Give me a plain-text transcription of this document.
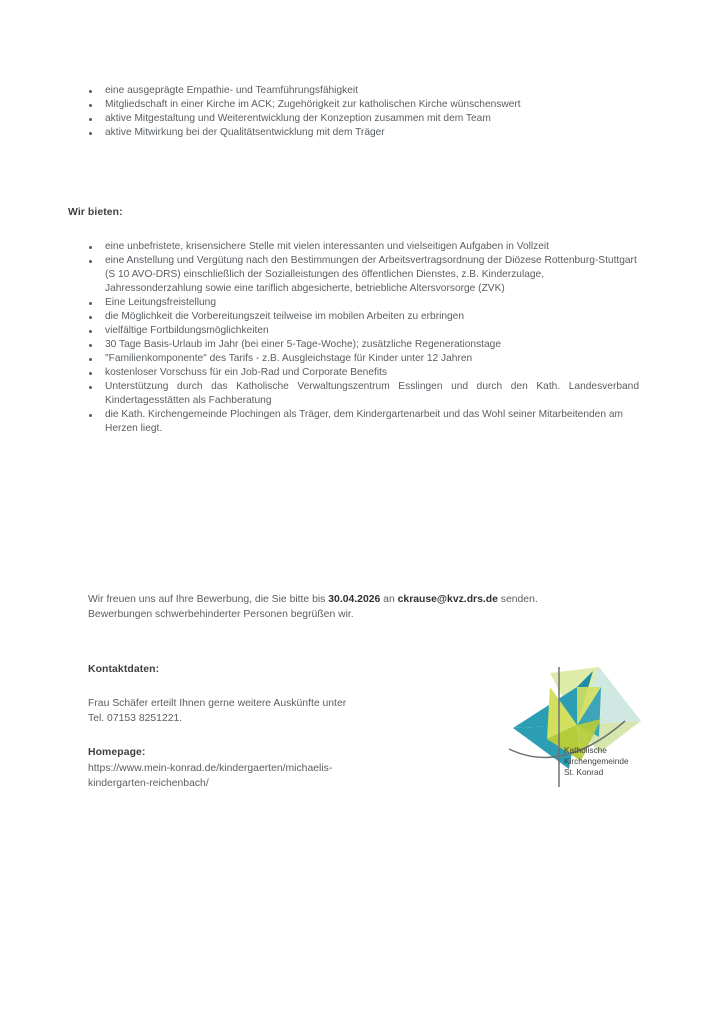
eine ausgeprägte Empathie- und Teamführungsfähigkeit
Mitgliedschaft in einer Kirche im ACK; Zugehörigkeit zur katholischen Kirche wünschenswert
aktive Mitgestaltung und Weiterentwicklung der Konzeption zusammen mit dem Team
aktive Mitwirkung bei der Qualitätsentwicklung mit dem Träger
Wir bieten:
eine unbefristete, krisensichere Stelle mit vielen interessanten und vielseitigen Aufgaben in Vollzeit
eine Anstellung und Vergütung nach den Bestimmungen der Arbeitsvertragsordnung der Diözese Rottenburg-Stuttgart (S 10 AVO-DRS) einschließlich der Sozialleistungen des öffentlichen Dienstes, z.B. Kinderzulage, Jahressonderzahlung sowie eine tariflich abgesicherte, betriebliche Altersvorsorge (ZVK)
Eine Leitungsfreistellung
die Möglichkeit die Vorbereitungszeit teilweise im mobilen Arbeiten zu erbringen
vielfältige Fortbildungsmöglichkeiten
30 Tage Basis-Urlaub im Jahr (bei einer 5-Tage-Woche); zusätzliche Regenerationstage
"Familienkomponente" des Tarifs - z.B. Ausgleichstage für Kinder unter 12 Jahren
kostenloser Vorschuss für ein Job-Rad und Corporate Benefits
Unterstützung durch das Katholische Verwaltungszentrum Esslingen und durch den Kath. Landesverband Kindertagesstätten als Fachberatung
die Kath. Kirchengemeinde Plochingen als Träger, dem Kindergartenarbeit und das Wohl seiner Mitarbeitenden am Herzen liegt.
Wir freuen uns auf Ihre Bewerbung, die Sie bitte bis 30.04.2026 an ckrause@kvz.drs.de senden. Bewerbungen schwerbehinderter Personen begrüßen wir.
Kontaktdaten:
Frau Schäfer erteilt Ihnen gerne weitere Auskünfte unter
Tel. 07153 8251221.
Homepage:
https://www.mein-konrad.de/kindergaerten/michaelis-
kindergarten-reichenbach/
Katholische
Kirchengemeinde
St. Konrad
